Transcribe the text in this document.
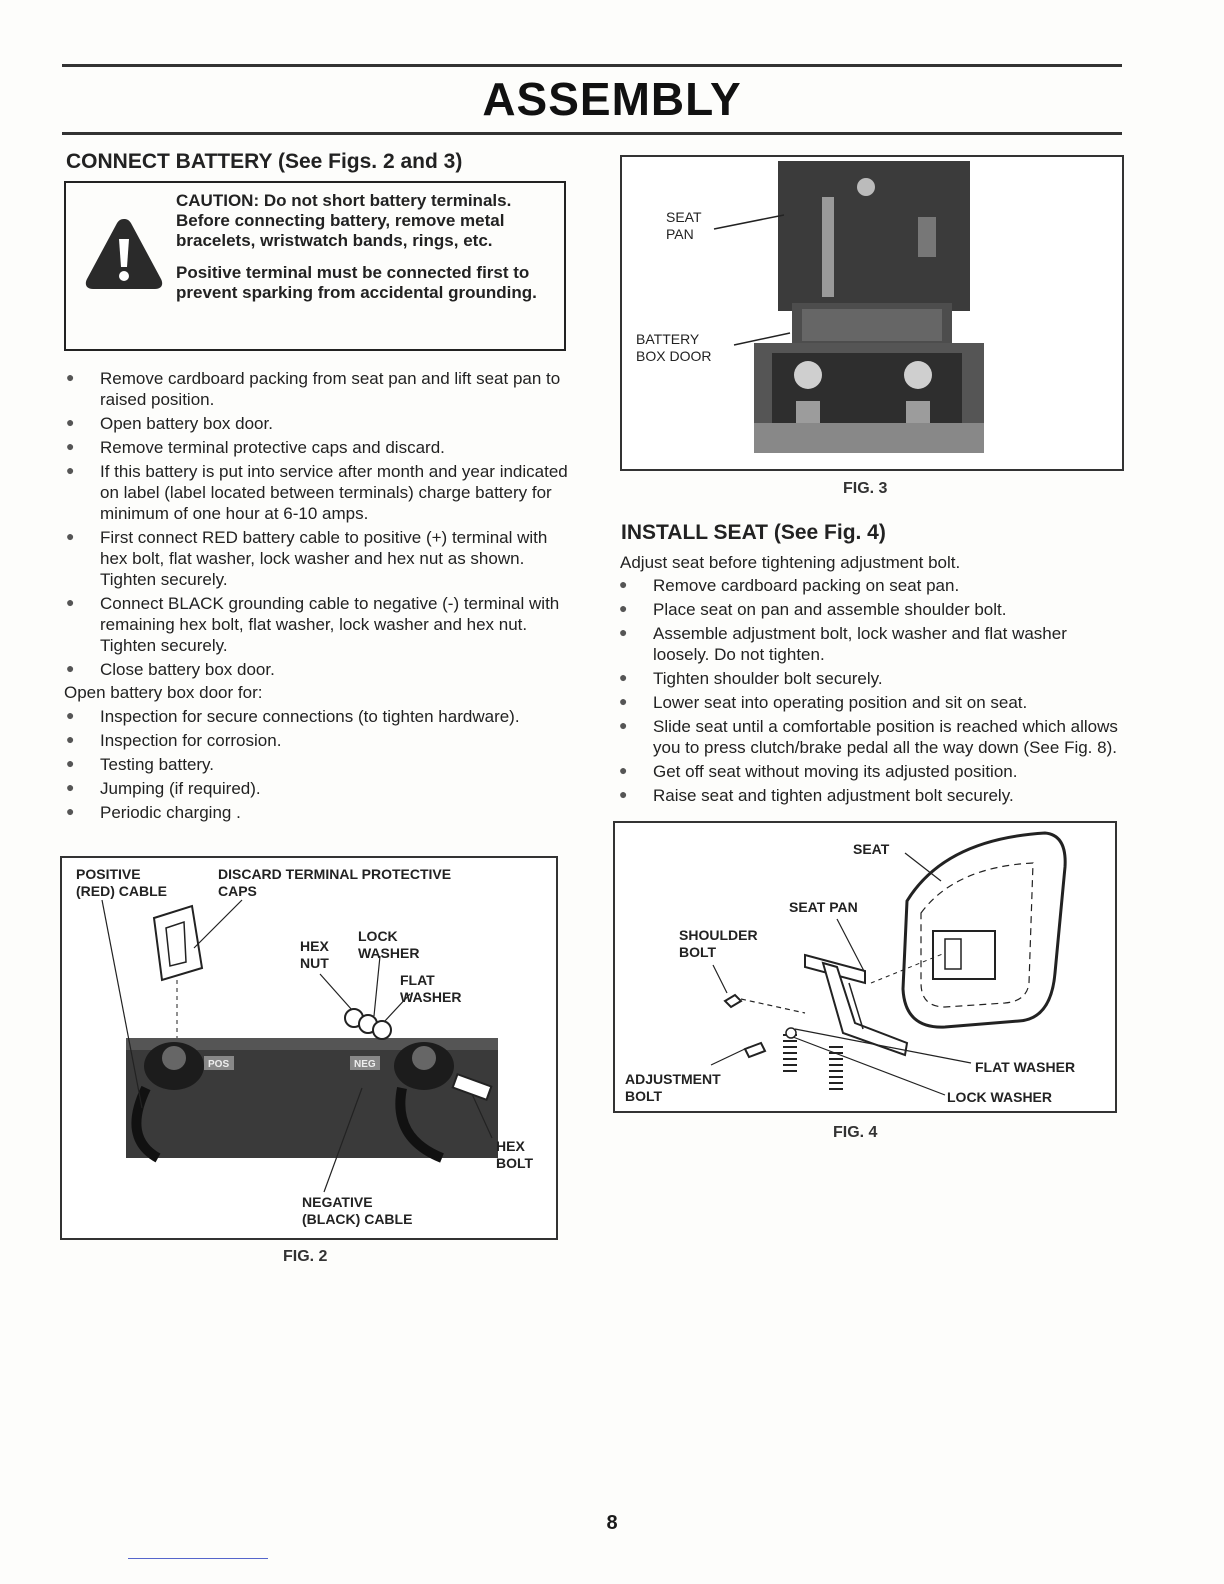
ASSEMBLY
CONNECT BATTERY (See Figs. 2 and 3)

CAUTION: Do not short battery terminals. Before connecting battery, remove metal bracelets, wristwatch bands, rings, etc.

Positive terminal must be connected first to prevent sparking from accidental grounding.

● Remove cardboard packing from seat pan and lift seat pan to raised position.
● Open battery box door.
● Remove terminal protective caps and discard.
● If this battery is put into service after month and year indicated on label (label located between terminals) charge battery for minimum of one hour at 6-10 amps.
● First connect RED battery cable to positive (+) terminal with hex bolt, flat washer, lock washer and hex nut as shown. Tighten securely.
● Connect BLACK grounding cable to negative (-) terminal with remaining hex bolt, flat washer, lock washer and hex nut. Tighten securely.
● Close battery box door.
Open battery box door for:
● Inspection for secure connections (to tighten hardware).
● Inspection for corrosion.
● Testing battery.
● Jumping (if required).
● Periodic charging .
POSITIVE
(RED) CABLE
DISCARD TERMINAL PROTECTIVE
CAPS
LOCK
WASHER
HEX
NUT
FLAT
WASHER
POS	NEG
HEX
BOLT
NEGATIVE
(BLACK) CABLE
FIG. 2
SEAT
PAN
BATTERY
BOX DOOR
FIG. 3
INSTALL SEAT (See Fig. 4)
Adjust seat before tightening adjustment bolt.
● Remove cardboard packing on seat pan.
● Place seat on pan and assemble shoulder bolt.
● Assemble adjustment bolt, lock washer and flat washer loosely. Do not tighten.
● Tighten shoulder bolt securely.
● Lower seat into operating position and sit on seat.
● Slide seat until a comfortable position is reached which allows you to press clutch/brake pedal all the way down (See Fig. 8).
● Get off seat without moving its adjusted position.
● Raise seat and tighten adjustment bolt securely.
SEAT
SEAT PAN
SHOULDER
BOLT
ADJUSTMENT
BOLT
FLAT WASHER
LOCK WASHER
FIG. 4
8
